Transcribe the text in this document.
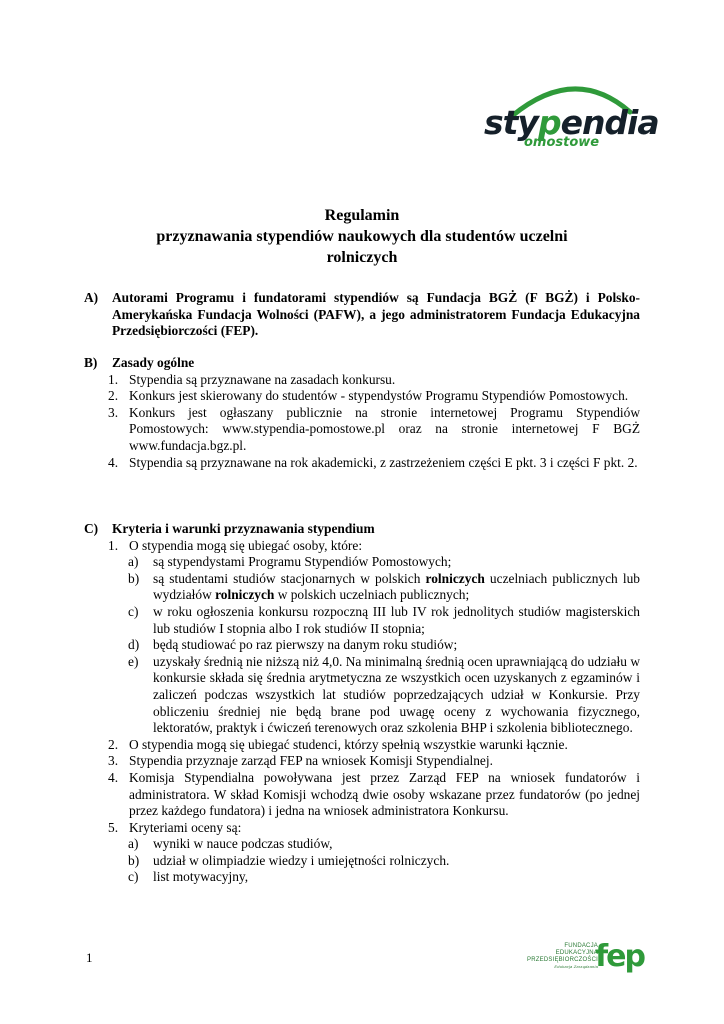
stypendia
omostowe
Regulamin
przyznawania stypendiów naukowych dla studentów uczelni
rolniczych
A) Autorami Programu i fundatorami stypendiów są Fundacja BGŻ (F BGŻ) i Polsko-Amerykańska Fundacja Wolności (PAFW), a jego administratorem Fundacja Edukacyjna Przedsiębiorczości (FEP).
B) Zasady ogólne
1. Stypendia są przyznawane na zasadach konkursu.
2. Konkurs jest skierowany do studentów - stypendystów Programu Stypendiów Pomostowych.
3. Konkurs jest ogłaszany publicznie na stronie internetowej Programu Stypendiów Pomostowych: www.stypendia-pomostowe.pl oraz na stronie internetowej F BGŻ www.fundacja.bgz.pl.
4. Stypendia są przyznawane na rok akademicki, z zastrzeżeniem części E pkt. 3 i części F pkt. 2.
C) Kryteria i warunki przyznawania stypendium
1. O stypendia mogą się ubiegać osoby, które:
a) są stypendystami Programu Stypendiów Pomostowych;
b) są studentami studiów stacjonarnych w polskich rolniczych uczelniach publicznych lub wydziałów rolniczych w polskich uczelniach publicznych;
c) w roku ogłoszenia konkursu rozpoczną III lub IV rok jednolitych studiów magisterskich lub studiów I stopnia albo I rok studiów II stopnia;
d) będą studiować po raz pierwszy na danym roku studiów;
e) uzyskały średnią nie niższą niż 4,0. Na minimalną średnią ocen uprawniającą do udziału w konkursie składa się średnia arytmetyczna ze wszystkich ocen uzyskanych z egzaminów i zaliczeń podczas wszystkich lat studiów poprzedzających udział w Konkursie. Przy obliczeniu średniej nie będą brane pod uwagę oceny z wychowania fizycznego, lektoratów, praktyk i ćwiczeń terenowych oraz szkolenia BHP i szkolenia bibliotecznego.
2. O stypendia mogą się ubiegać studenci, którzy spełnią wszystkie warunki łącznie.
3. Stypendia przyznaje zarząd FEP na wniosek Komisji Stypendialnej.
4. Komisja Stypendialna powoływana jest przez Zarząd FEP na wniosek fundatorów i administratora. W skład Komisji wchodzą dwie osoby wskazane przez fundatorów (po jednej przez każdego fundatora) i jedna na wniosek administratora Konkursu.
5. Kryteriami oceny są:
a) wyniki w nauce podczas studiów,
b) udział w olimpiadzie wiedzy i umiejętności rolniczych.
c) list motywacyjny,
1
FUNDACJA
EDUKACYJNA
PRZEDSIĘBIORCZOŚCI
Edukacja Zarządzania
fep
